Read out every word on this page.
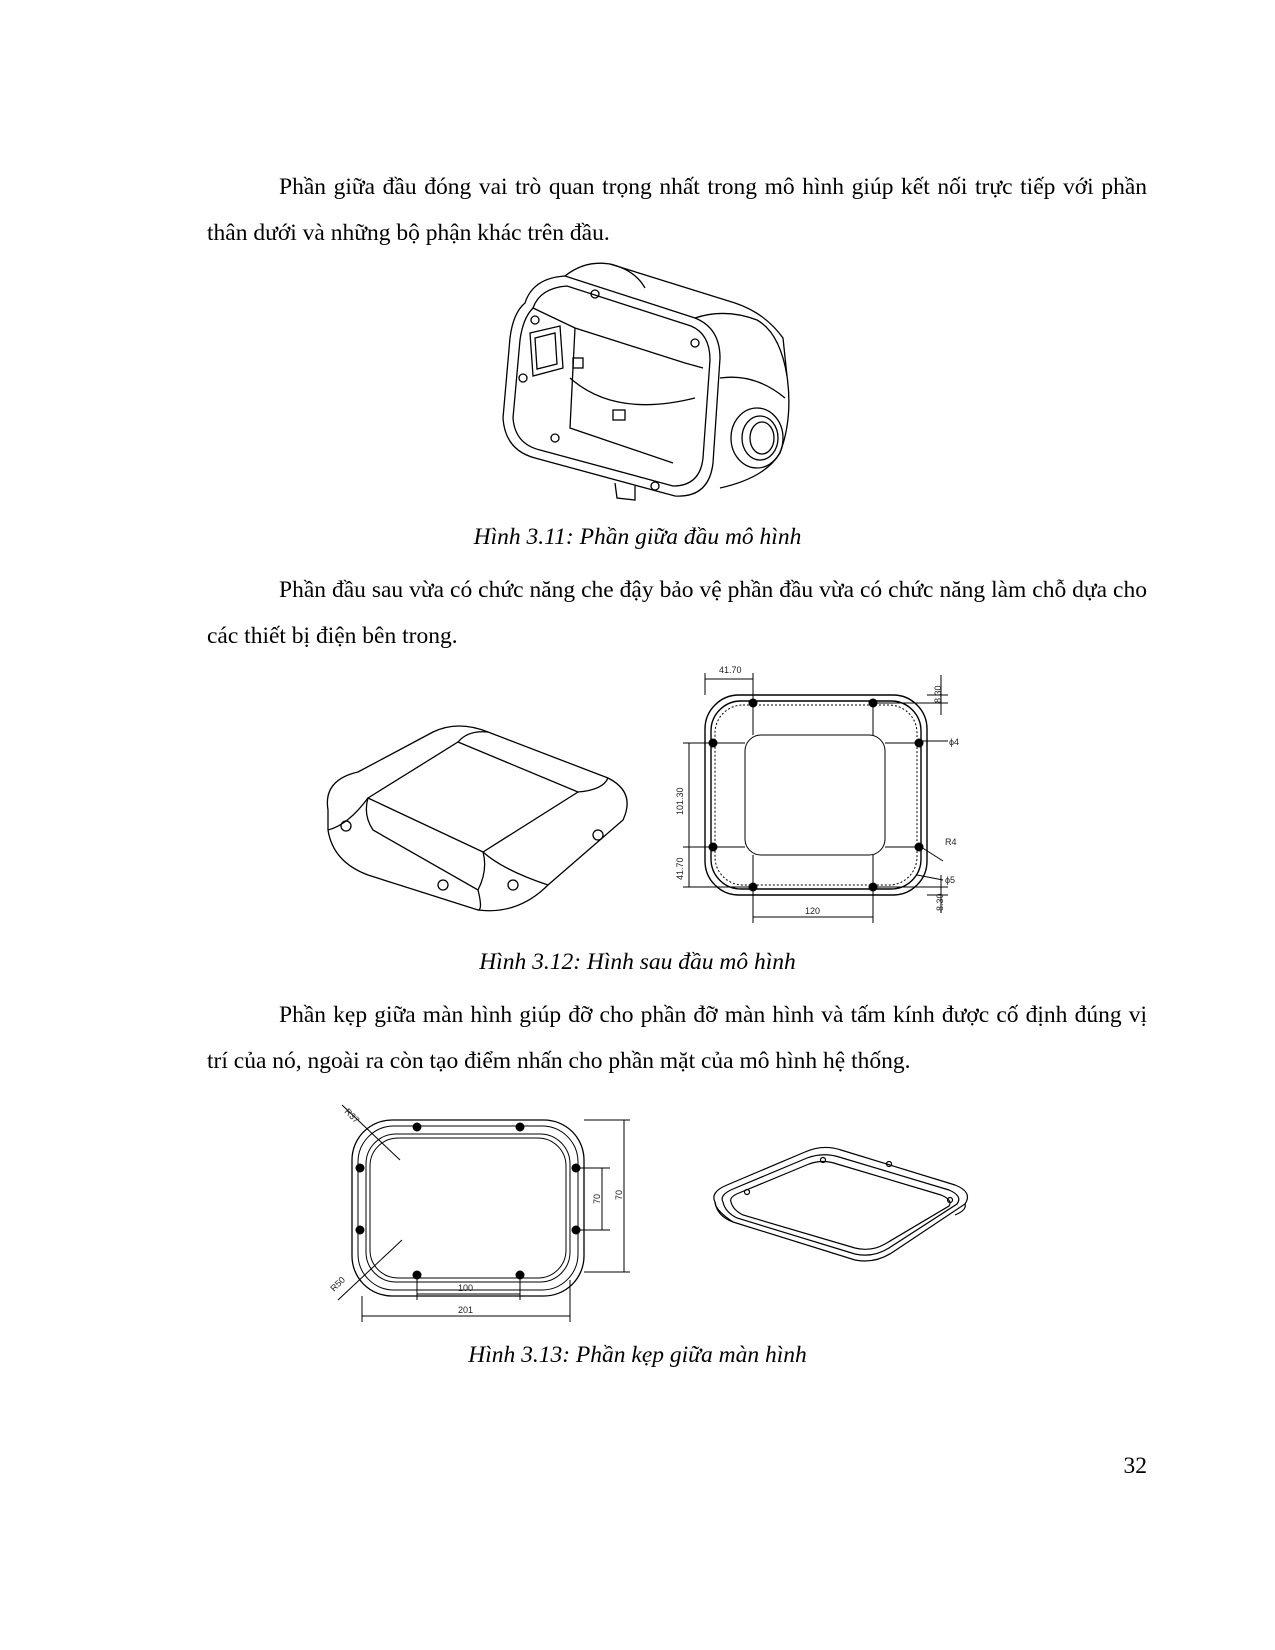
Phần giữa đầu đóng vai trò quan trọng nhất trong mô hình giúp kết nối trực tiếp với phần thân dưới và những bộ phận khác trên đầu.

Hình 3.11: Phần giữa đầu mô hình

Phần đầu sau vừa có chức năng che đậy bảo vệ phần đầu vừa có chức năng làm chỗ dựa cho các thiết bị điện bên trong.

41.70
8.30
ϕ4
101.30
R4
41.70	ϕ5
120	8.30
Hình 3.12: Hình sau đầu mô hình

Phần kẹp giữa màn hình giúp đỡ cho phần đỡ màn hình và tấm kính được cố định đúng vị trí của nó, ngoài ra còn tạo điểm nhấn cho phần mặt của mô hình hệ thống.

R37
R50
70 70
100
201
Hình 3.13: Phần kẹp giữa màn hình
32
